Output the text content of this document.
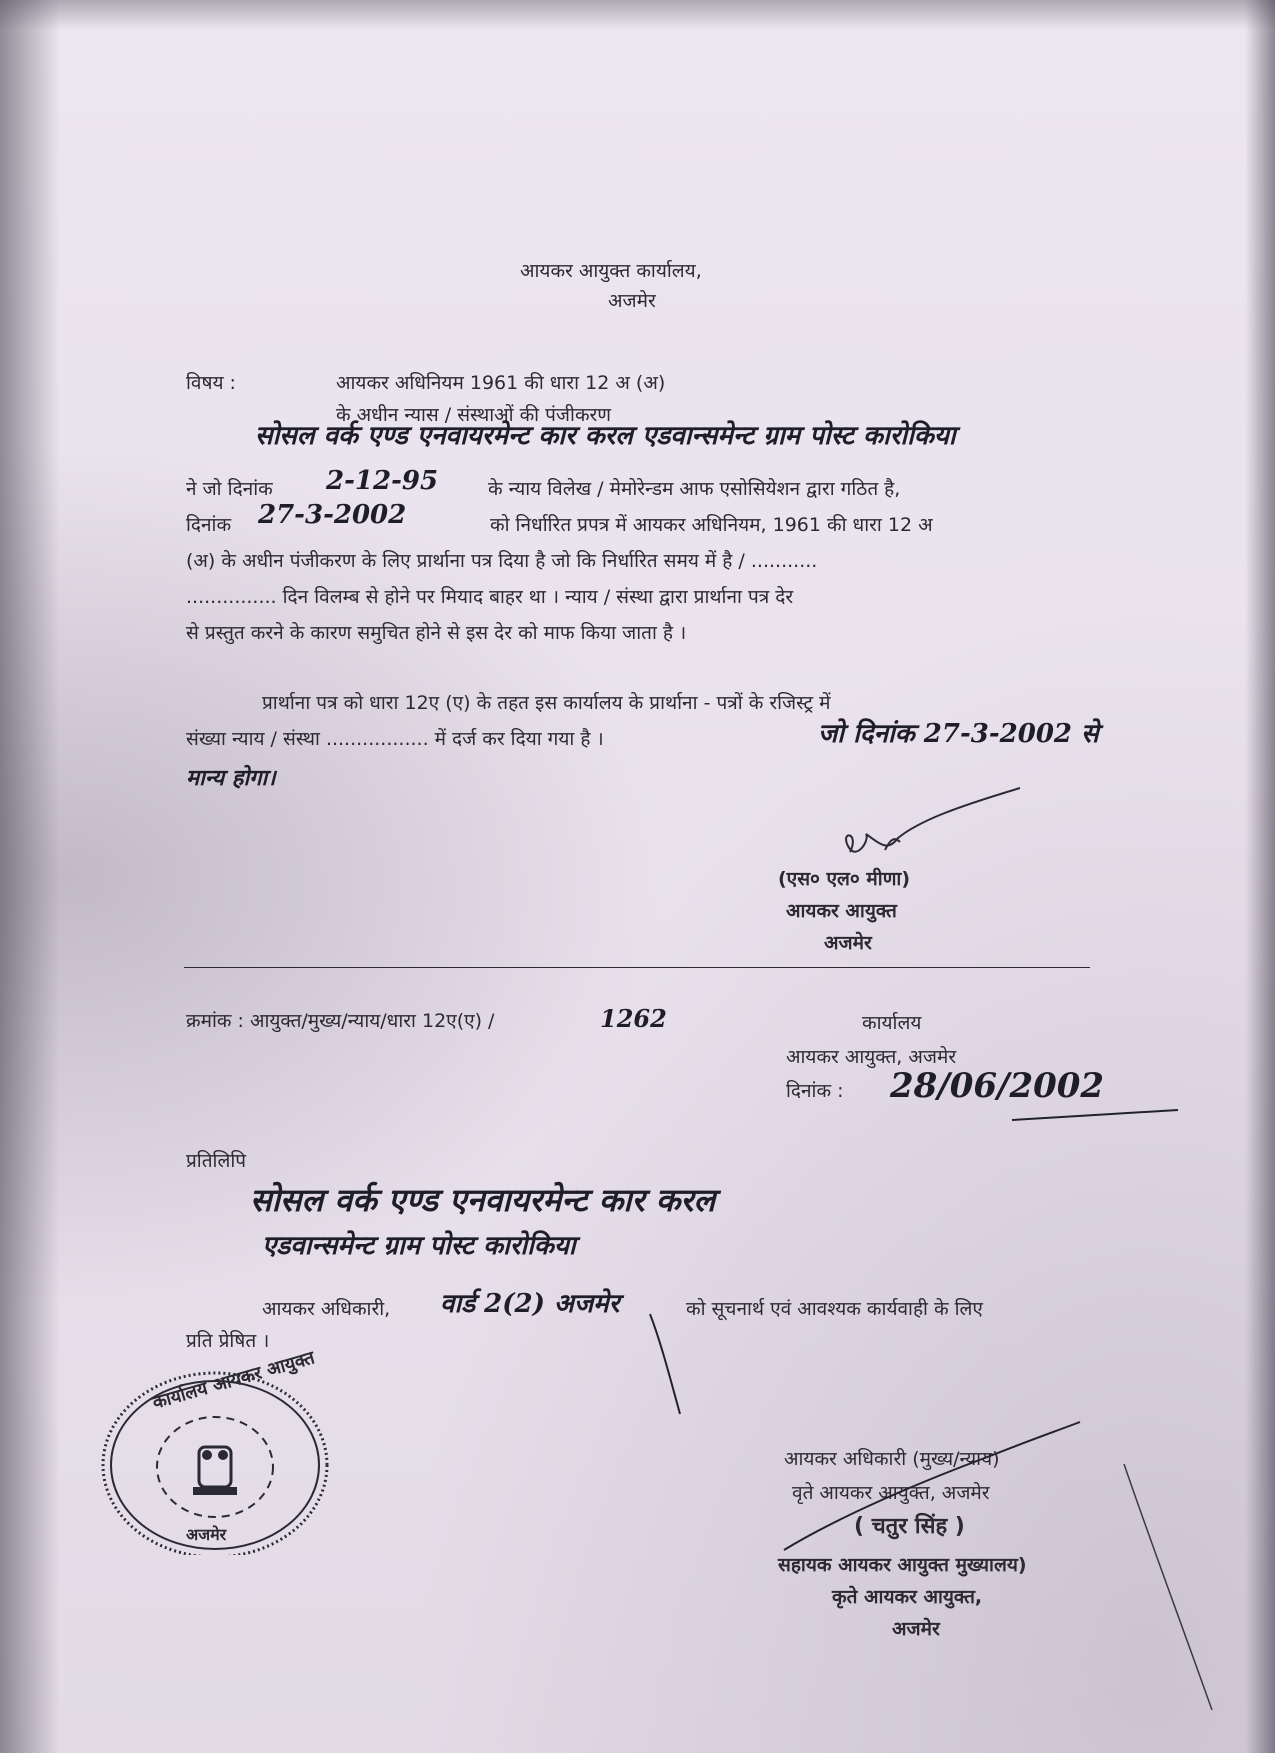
आयकर आयुक्त कार्यालय,
अजमेर
विषय :	आयकर अधिनियम 1961 की धारा 12 अ (अ)
के अधीन न्यास / संस्थाओं की पंजीकरण
सोसल वर्क एण्ड एनवायरमेन्ट कार करल एडवान्समेन्ट ग्राम पोस्ट कारोकिया
ने जो दिनांक 2-12-95	के न्याय विलेख / मेमोरेन्डम आफ एसोसियेशन द्वारा गठित है,
दिनांक 27-3-2002	को निर्धारित प्रपत्र में आयकर अधिनियम, 1961 की धारा 12 अ
(अ) के अधीन पंजीकरण के लिए प्रार्थाना पत्र दिया है जो कि निर्धारित समय में है / ...........
............... दिन विलम्ब से होने पर मियाद बाहर था । न्याय / संस्था द्वारा प्रार्थाना पत्र देर
से प्रस्तुत करने के कारण समुचित होने से इस देर को माफ किया जाता है ।
प्रार्थाना पत्र को धारा 12ए (ए) के तहत इस कार्यालय के प्रार्थाना - पत्रों के रजिस्ट्र में
संख्या न्याय / संस्था ................. में दर्ज कर दिया गया है ।	जो दिनांक 27-3-2002 से
मान्य होगा।
(एस० एल० मीणा)
आयकर आयुक्त
अजमेर
क्रमांक : आयुक्त/मुख्य/न्याय/धारा 12ए(ए) /	1262	कार्यालय
आयकर आयुक्त, अजमेर
दिनांक : 28/06/2002
प्रतिलिपि
सोसल वर्क एण्ड एनवायरमेन्ट कार करल
एडवान्समेन्ट ग्राम पोस्ट कारोकिया
आयकर अधिकारी, वार्ड 2(2) अजमेर	को सूचनार्थ एवं आवश्यक कार्यवाही के लिए
प्रति प्रेषित ।
कार्यालय आयकर आयुक्त
अजमेर
आयकर अधिकारी (मुख्य/न्याय)
वृते आयकर आयुक्त, अजमेर
( चतुर सिंह )
सहायक आयकर आयुक्त मुख्यालय)
कृते आयकर आयुक्त,
अजमेर
